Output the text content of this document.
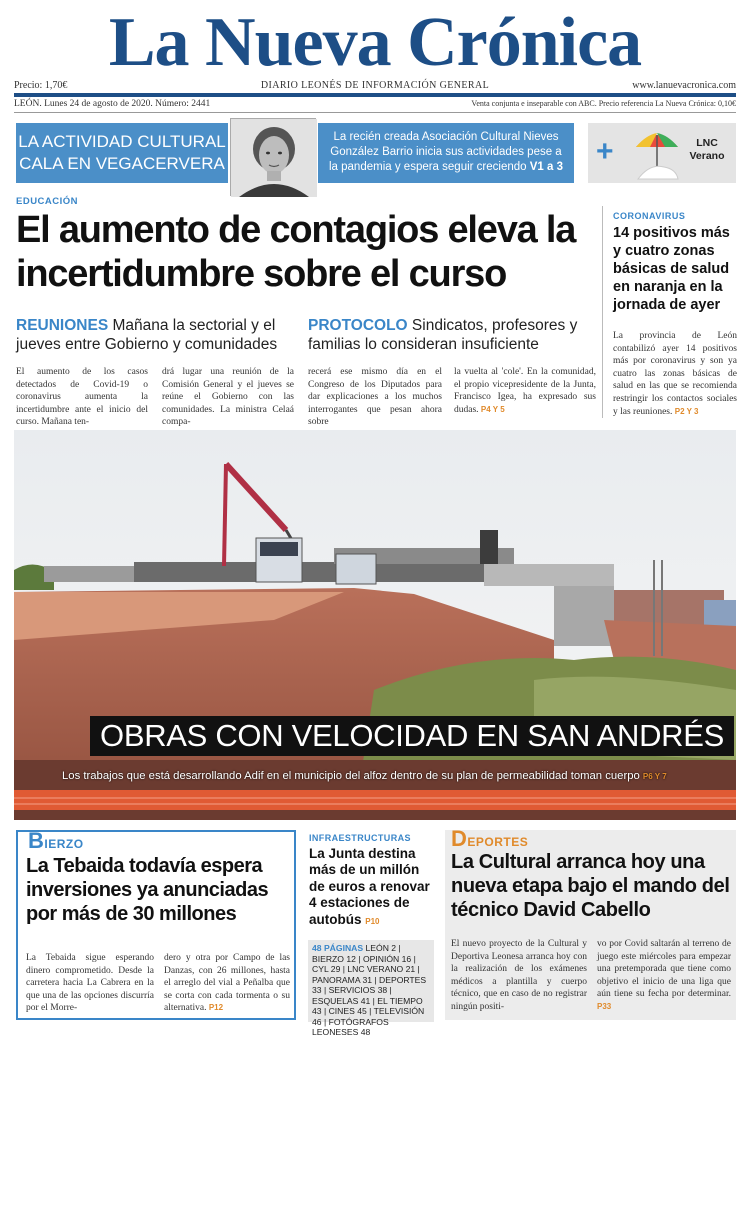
La Nueva Crónica
Precio: 1,70€	DIARIO LEONÉS DE INFORMACIÓN GENERAL	www.lanuevacronica.com
LEÓN. Lunes 24 de agosto de 2020. Número: 2441	Venta conjunta e inseparable con ABC. Precio referencia La Nueva Crónica: 0,10€
LA ACTIVIDAD CULTURAL CALA EN VEGACERVERA
La recién creada Asociación Cultural Nieves González Barrio inicia sus actividades pese a la pandemia y espera seguir creciendo V1 a 3	+	LNC Verano
EDUCACIÓN
El aumento de contagios eleva la incertidumbre sobre el curso
REUNIONES Mañana la sectorial y el jueves entre Gobierno y comunidades
PROTOCOLO Sindicatos, profesores y familias lo consideran insuficiente
El aumento de los casos detectados de Covid-19 o coronavirus aumenta la incertidumbre ante el inicio del curso. Mañana ten-
drá lugar una reunión de la Comisión General y el jueves se reúne el Gobierno con las comunidades. La ministra Celaá compa-
recerá ese mismo día en el Congreso de los Diputados para dar explicaciones a los muchos interrogantes que pesan ahora sobre
la vuelta al 'cole'. En la comunidad, el propio vicepresidente de la Junta, Francisco Igea, ha expresado sus dudas. P4 Y 5
CORONAVIRUS
14 positivos más y cuatro zonas básicas de salud en naranja en la jornada de ayer
La provincia de León contabilizó ayer 14 positivos más por coronavirus y son ya cuatro las zonas básicas de salud en las que se recomienda restringir los contactos sociales y las reuniones. P2 Y 3
SAÚL ARÉN
OBRAS CON VELOCIDAD EN SAN ANDRÉS
Los trabajos que está desarrollando Adif en el municipio del alfoz dentro de su plan de permeabilidad toman cuerpo P6 Y 7
BIERZO
La Tebaida todavía espera inversiones ya anunciadas por más de 30 millones
La Tebaida sigue esperando dinero comprometido. Desde la carretera hacia La Cabrera en la que una de las opciones discurría por el Morre-
dero y otra por Campo de las Danzas, con 26 millones, hasta el arreglo del vial a Peñalba que se corta con cada tormenta o su alternativa. P12
INFRAESTRUCTURAS
La Junta destina más de un millón de euros a renovar 4 estaciones de autobús P10
48 PÁGINAS LEÓN 2 | BIERZO 12 | OPINIÓN 16 | CYL 29 | LNC VERANO 21 | PANORAMA 31 | DEPORTES 33 | SERVICIOS 38 | ESQUELAS 41 | EL TIEMPO 43 | CINES 45 | TELEVISIÓN 46 | FOTÓGRAFOS LEONESES 48
DEPORTES
La Cultural arranca hoy una nueva etapa bajo el mando del técnico David Cabello
El nuevo proyecto de la Cultural y Deportiva Leonesa arranca hoy con la realización de los exámenes médicos a plantilla y cuerpo técnico, que en caso de no registrar ningún positi-
vo por Covid saltarán al terreno de juego este miércoles para empezar una pretemporada que tiene como objetivo el inicio de una liga que aún tiene su fecha por determinar. P33
